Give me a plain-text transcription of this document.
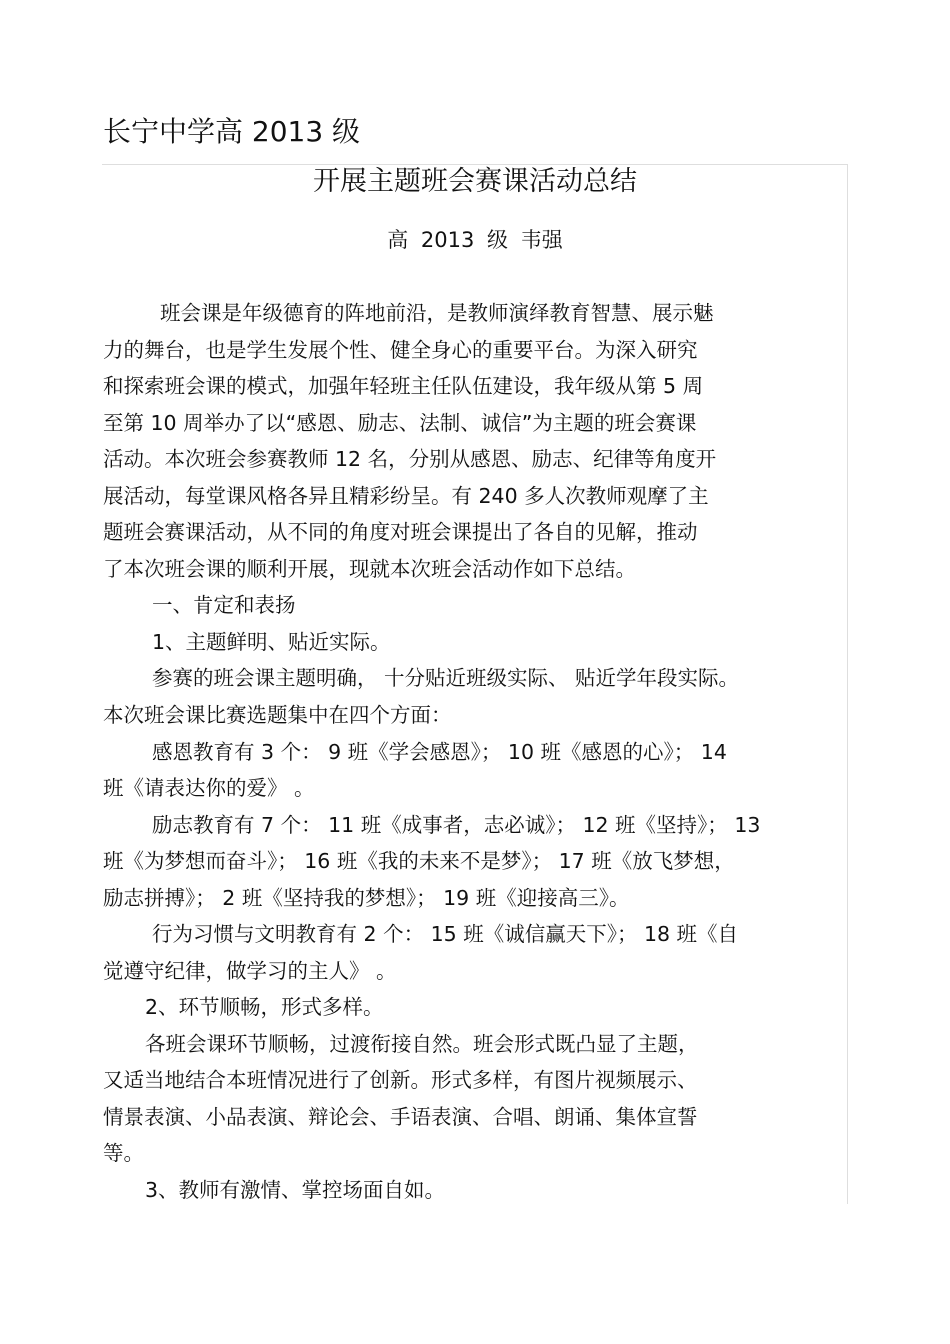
长宁中学高 2013 级
开展主题班会赛课活动总结
高 2013 级 韦强
班会课是年级德育的阵地前沿，是教师演绎教育智慧、展示魅
力的舞台，也是学生发展个性、健全身心的重要平台。为深入研究
和探索班会课的模式，加强年轻班主任队伍建设，我年级从第 5 周
至第 10 周举办了以“感恩、励志、法制、诚信”为主题的班会赛课
活动。本次班会参赛教师 12 名，分别从感恩、励志、纪律等角度开
展活动，每堂课风格各异且精彩纷呈。有 240 多人次教师观摩了主
题班会赛课活动，从不同的角度对班会课提出了各自的见解，推动
了本次班会课的顺利开展，现就本次班会活动作如下总结。
一、肯定和表扬
1、主题鲜明、贴近实际。
参赛的班会课主题明确， 十分贴近班级实际、 贴近学年段实际。
本次班会课比赛选题集中在四个方面：
感恩教育有 3 个： 9 班《学会感恩》； 10 班《感恩的心》； 14
班《请表达你的爱》 。
励志教育有 7 个： 11 班《成事者，志必诚》； 12 班《坚持》； 13
班《为梦想而奋斗》； 16 班《我的未来不是梦》； 17 班《放飞梦想，
励志拼搏》； 2 班《坚持我的梦想》； 19 班《迎接高三》。
行为习惯与文明教育有 2 个： 15 班《诚信赢天下》； 18 班《自
觉遵守纪律，做学习的主人》 。
2、环节顺畅，形式多样。
各班会课环节顺畅，过渡衔接自然。班会形式既凸显了主题，
又适当地结合本班情况进行了创新。形式多样，有图片视频展示、
情景表演、小品表演、辩论会、手语表演、合唱、朗诵、集体宣誓
等。
3、教师有激情、掌控场面自如。
